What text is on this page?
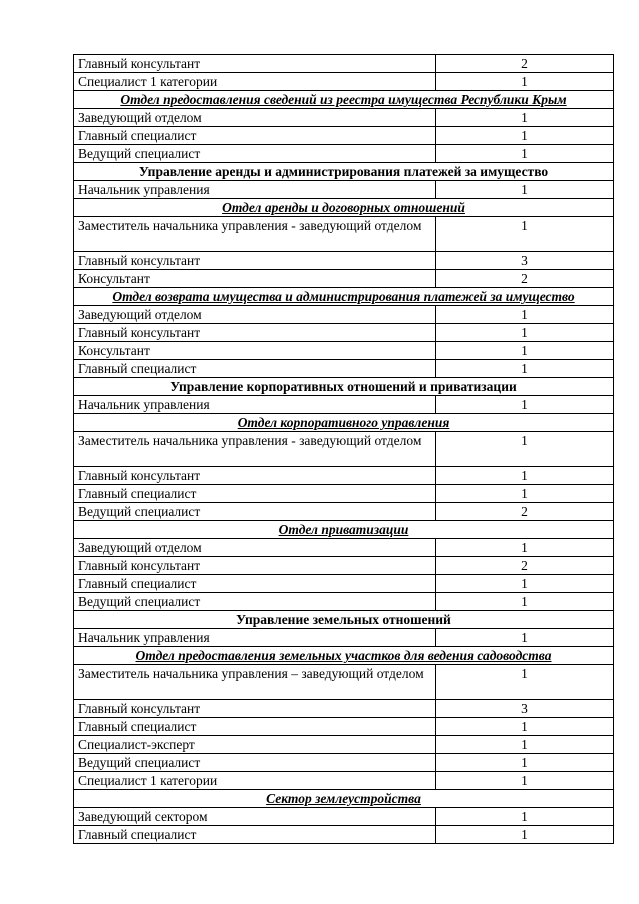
Главный консультант	2
Специалист 1 категории	1
Отдел предоставления сведений из реестра имущества Республики Крым	
Заведующий отделом	1
Главный специалист	1
Ведущий специалист	1
Управление аренды и администрирования платежей за имущество	
Начальник управления	1
Отдел аренды и договорных отношений	
Заместитель начальника управления - заведующий отделом	1
Главный консультант	3
Консультант	2
Отдел возврата имущества и администрирования платежей за имущество	
Заведующий отделом	1
Главный консультант	1
Консультант	1
Главный специалист	1
Управление корпоративных отношений и приватизации	
Начальник управления	1
Отдел корпоративного управления	
Заместитель начальника управления - заведующий отделом	1
Главный консультант	1
Главный специалист	1
Ведущий специалист	2
Отдел приватизации	
Заведующий отделом	1
Главный консультант	2
Главный специалист	1
Ведущий специалист	1
Управление земельных отношений	
Начальник управления	1
Отдел предоставления земельных участков для ведения садоводства	
Заместитель начальника управления – заведующий отделом	1
Главный консультант	3
Главный специалист	1
Специалист-эксперт	1
Ведущий специалист	1
Специалист 1 категории	1
Сектор землеустройства	
Заведующий сектором	1
Главный специалист	1
